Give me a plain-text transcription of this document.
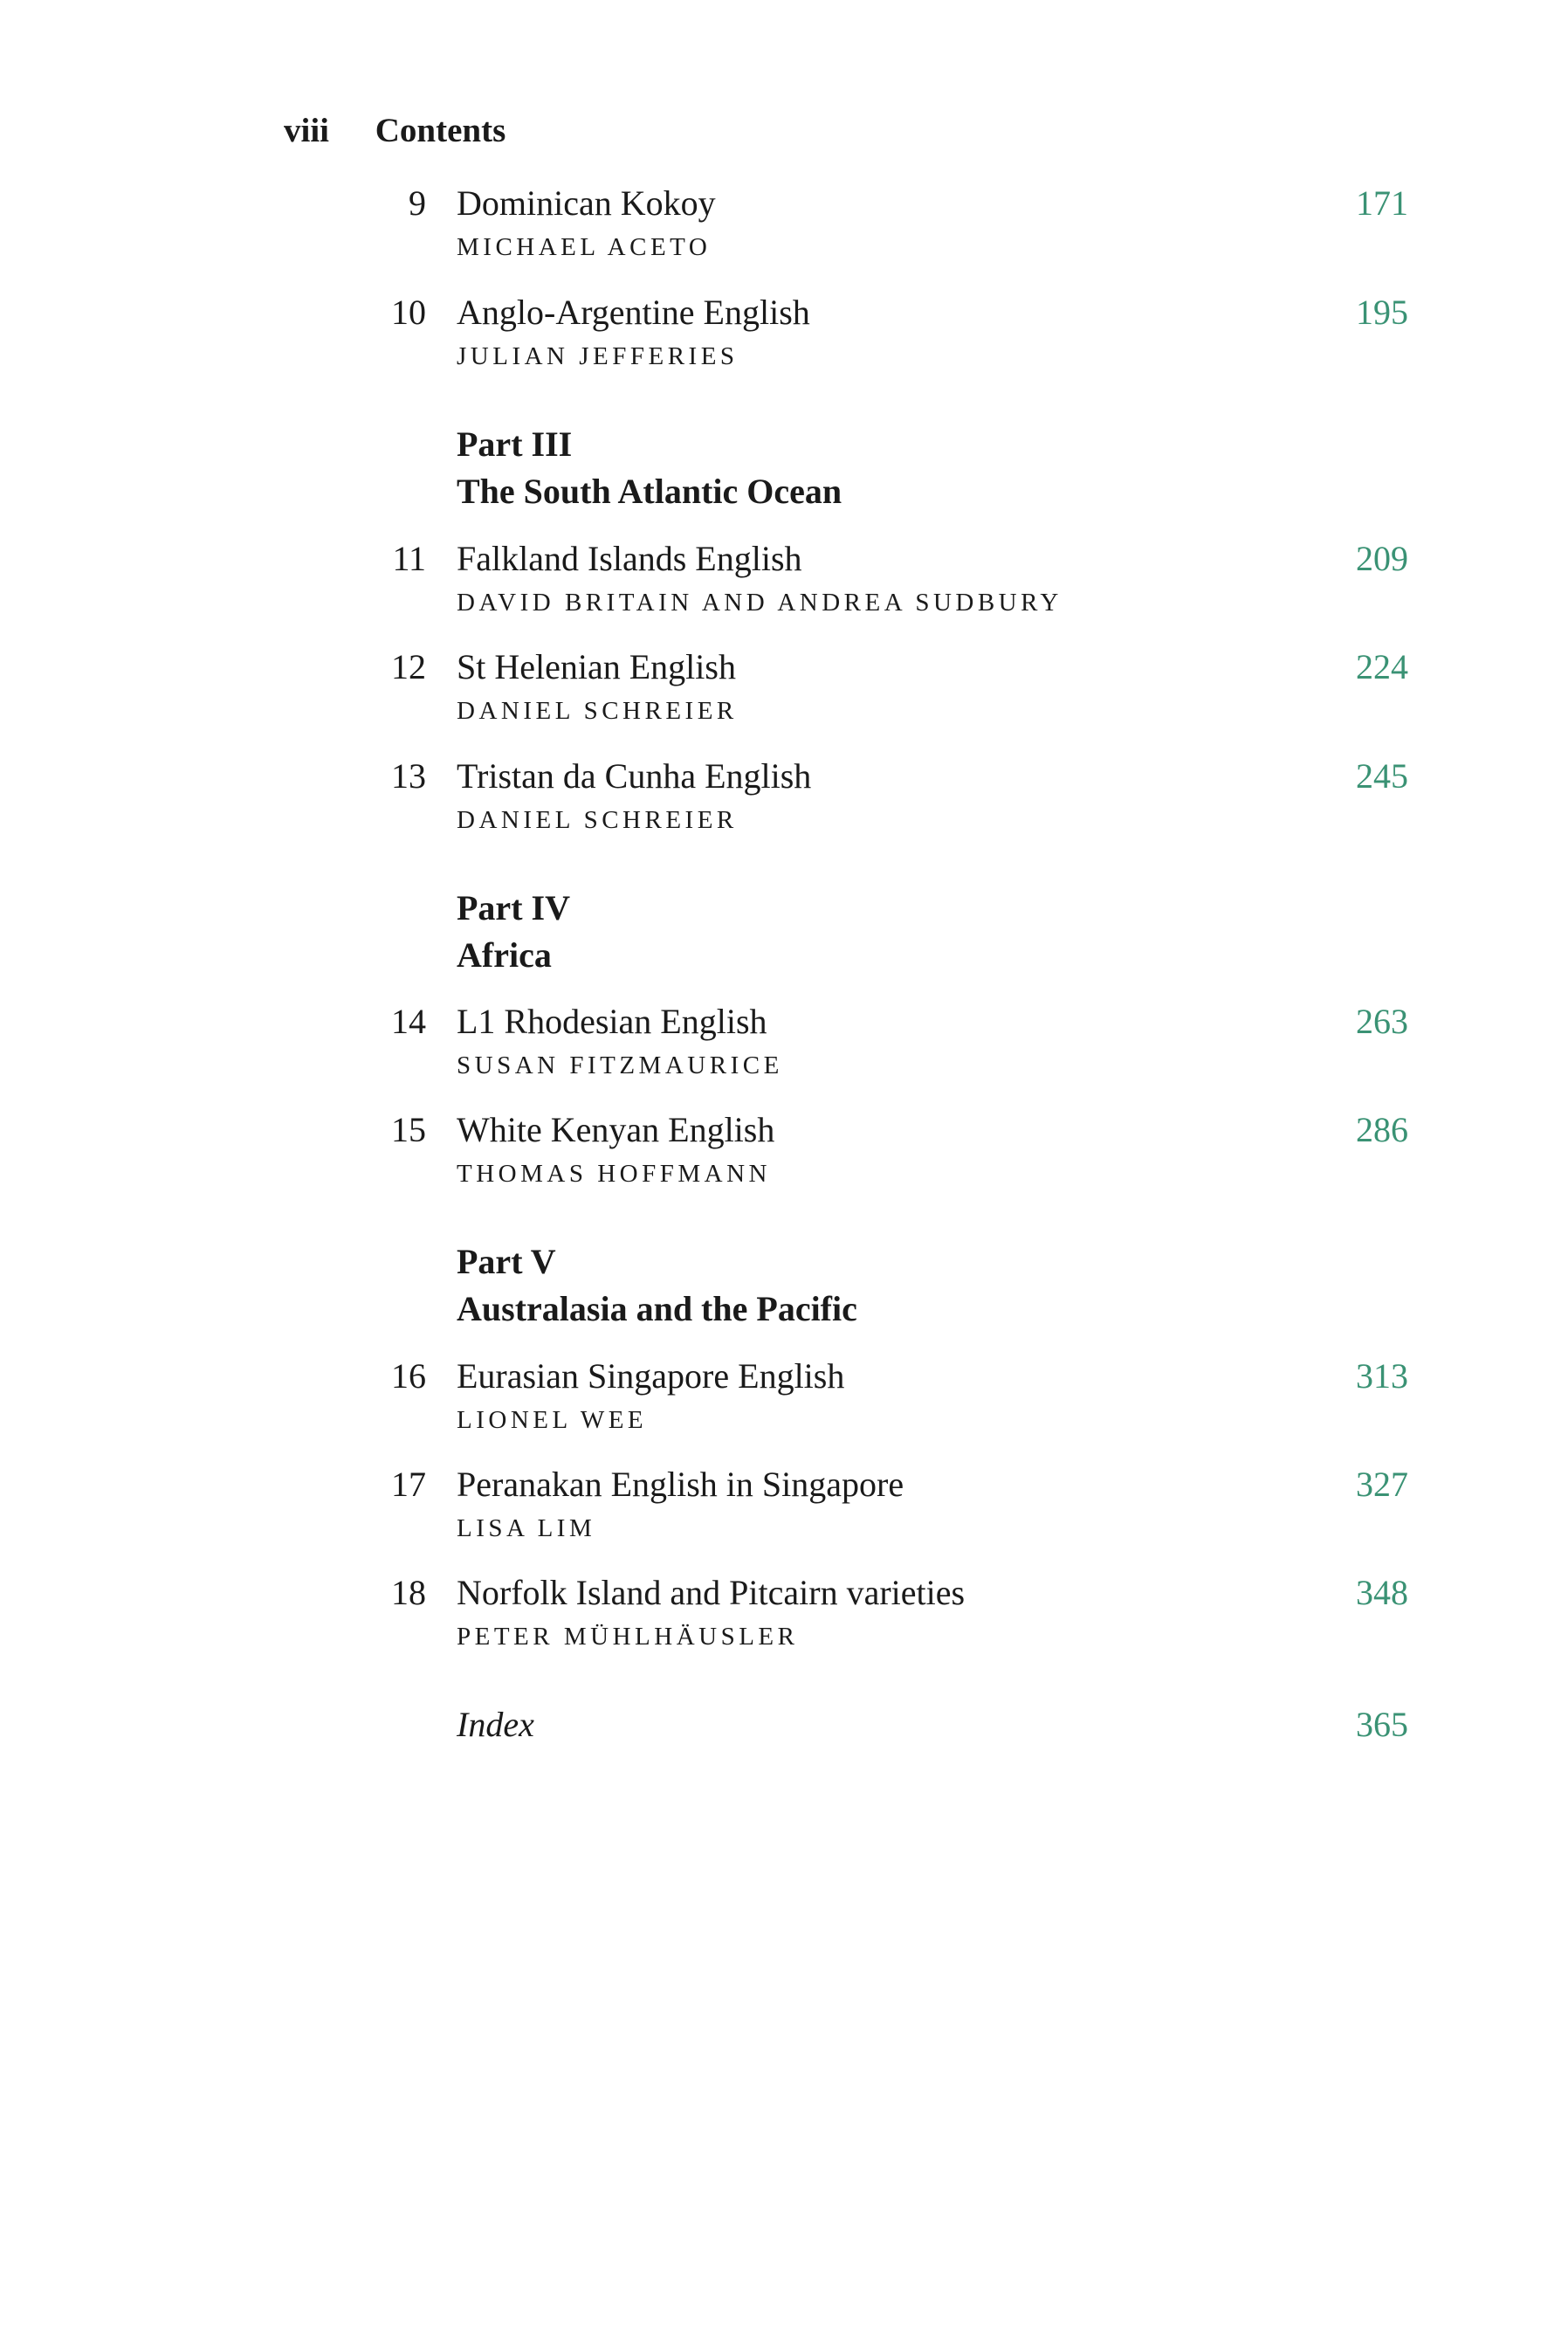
viii Contents
9 Dominican Kokoy
MICHAEL ACETO
171
10 Anglo-Argentine English
JULIAN JEFFERIES
195
Part III
The South Atlantic Ocean
11 Falkland Islands English
DAVID BRITAIN AND ANDREA SUDBURY
209
12 St Helenian English
DANIEL SCHREIER
224
13 Tristan da Cunha English
DANIEL SCHREIER
245
Part IV
Africa
14 L1 Rhodesian English
SUSAN FITZMAURICE
263
15 White Kenyan English
THOMAS HOFFMANN
286
Part V
Australasia and the Pacific
16 Eurasian Singapore English
LIONEL WEE
313
17 Peranakan English in Singapore
LISA LIM
327
18 Norfolk Island and Pitcairn varieties
PETER MÜHLHÄUSLER
348
Index	365
